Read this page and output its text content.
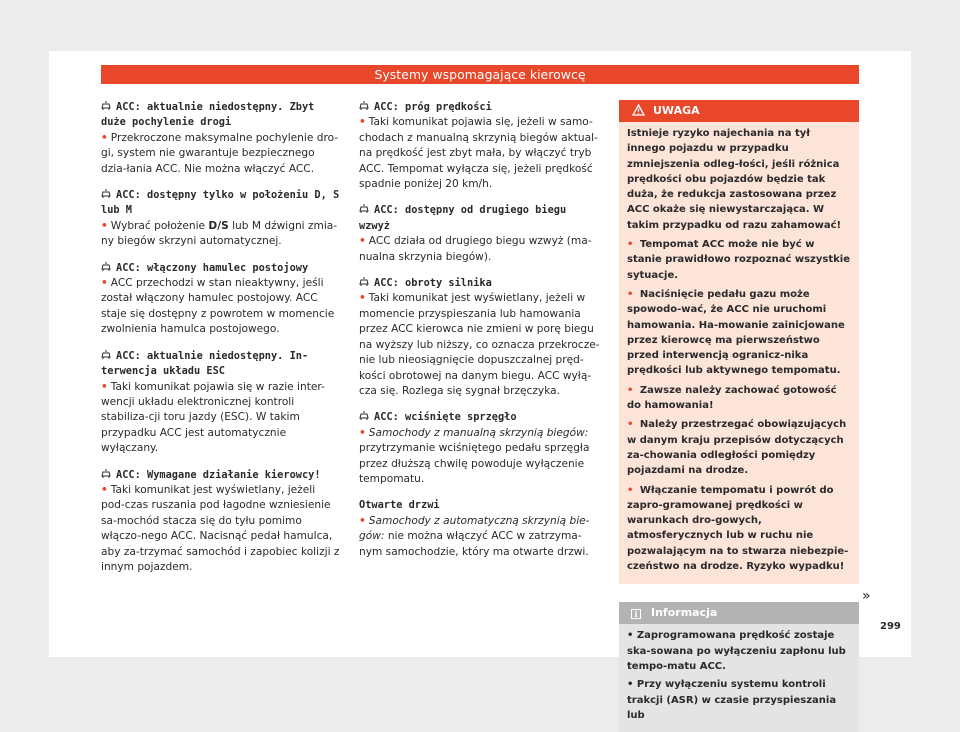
Systemy wspomagające kierowcę
ACC: aktualnie niedostępny. Zbyt duże pochylenie drogi
• Przekroczone maksymalne pochylenie dro-gi, system nie gwarantuje bezpiecznego dzia-łania ACC. Nie można włączyć ACC.
ACC: dostępny tylko w położeniu D, S lub M
• Wybrać położenie D/S lub M dźwigni zmia-ny biegów skrzyni automatycznej.
ACC: włączony hamulec postojowy
• ACC przechodzi w stan nieaktywny, jeśli został włączony hamulec postojowy. ACC staje się dostępny z powrotem w momencie zwolnienia hamulca postojowego.
ACC: aktualnie niedostępny. In-terwencja układu ESC
• Taki komunikat pojawia się w razie inter-wencji układu elektronicznej kontroli stabiliza-cji toru jazdy (ESC). W takim przypadku ACC jest automatycznie wyłączany.
ACC: Wymagane działanie kierowcy!
• Taki komunikat jest wyświetlany, jeżeli pod-czas ruszania pod łagodne wzniesienie sa-mochód stacza się do tyłu pomimo włączo-nego ACC. Nacisnąć pedał hamulca, aby za-trzymać samochód i zapobiec kolizji z innym pojazdem.
ACC: próg prędkości
• Taki komunikat pojawia się, jeżeli w samo-chodach z manualną skrzynią biegów aktual-na prędkość jest zbyt mała, by włączyć tryb ACC. Tempomat wyłącza się, jeżeli prędkość spadnie poniżej 20 km/h.
ACC: dostępny od drugiego biegu wzwyż
• ACC działa od drugiego biegu wzwyż (ma-nualna skrzynia biegów).
ACC: obroty silnika
• Taki komunikat jest wyświetlany, jeżeli w momencie przyspieszania lub hamowania przez ACC kierowca nie zmieni w porę biegu na wyższy lub niższy, co oznacza przekrocze-nie lub nieosiągnięcie dopuszczalnej pręd-kości obrotowej na danym biegu. ACC wyłą-cza się. Rozlega się sygnał brzęczyka.
ACC: wciśnięte sprzęgło
• Samochody z manualną skrzynią biegów:
przytrzymanie wciśniętego pedału sprzęgła przez dłuższą chwilę powoduje wyłączenie tempomatu.
Otwarte drzwi
• Samochody z automatyczną skrzynią bie-gów: nie można włączyć ACC w zatrzyma-nym samochodzie, który ma otwarte drzwi.
UWAGA

Istnieje ryzyko najechania na tył innego pojazdu w przypadku zmniejszenia odleg-łości, jeśli różnica prędkości obu pojazdów będzie tak duża, że redukcja zastosowana przez ACC okaże się niewystarczająca. W takim przypadku od razu zahamować!

• Tempomat ACC może nie być w stanie prawidłowo rozpoznać wszystkie sytuacje.

• Naciśnięcie pedału gazu może spowodo-wać, że ACC nie uruchomi hamowania. Ha-mowanie zainicjowane przez kierowcę ma pierwszeństwo przed interwencją ogranicz-nika prędkości lub aktywnego tempomatu.

• Zawsze należy zachować gotowość do hamowania!

• Należy przestrzegać obowiązujących w danym kraju przepisów dotyczących za-chowania odległości pomiędzy pojazdami na drodze.

• Włączanie tempomatu i powrót do zapro-gramowanej prędkości w warunkach dro-gowych, atmosferycznych lub w ruchu nie pozwalającym na to stwarza niebezpie-czeństwo na drodze. Ryzyko wypadku!

i Informacja

• Zaprogramowana prędkość zostaje ska-sowana po wyłączeniu zapłonu lub tempo-matu ACC.

• Przy wyłączeniu systemu kontroli trakcji (ASR) w czasie przyspieszania lub

»
299
